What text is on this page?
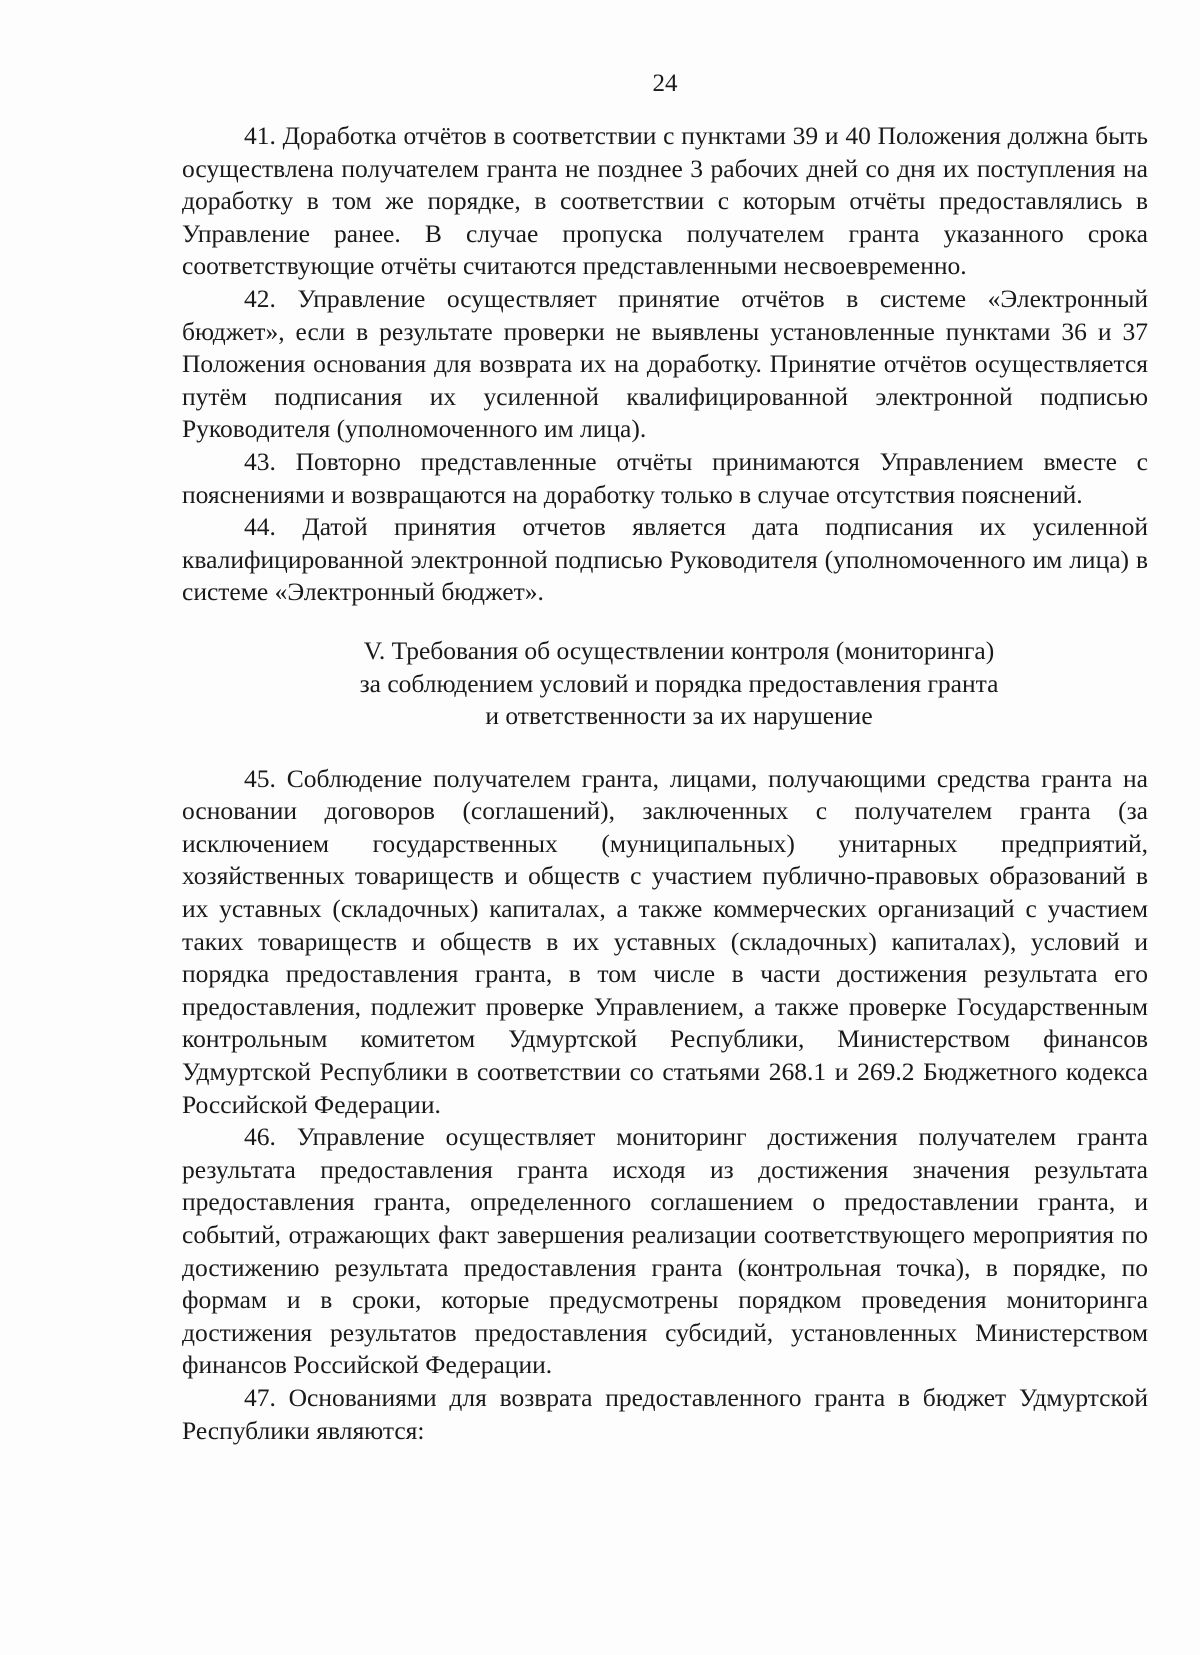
24

41. Доработка отчётов в соответствии с пунктами 39 и 40 Положения должна быть осуществлена получателем гранта не позднее 3 рабочих дней со дня их поступления на доработку в том же порядке, в соответствии с которым отчёты предоставлялись в Управление ранее. В случае пропуска получателем гранта указанного срока соответствующие отчёты считаются представленными несвоевременно.

42. Управление осуществляет принятие отчётов в системе «Электронный бюджет», если в результате проверки не выявлены установленные пунктами 36 и 37 Положения основания для возврата их на доработку. Принятие отчётов осуществляется путём подписания их усиленной квалифицированной электронной подписью Руководителя (уполномоченного им лица).

43. Повторно представленные отчёты принимаются Управлением вместе с пояснениями и возвращаются на доработку только в случае отсутствия пояснений.

44. Датой принятия отчетов является дата подписания их усиленной квалифицированной электронной подписью Руководителя (уполномоченного им лица) в системе «Электронный бюджет».

V. Требования об осуществлении контроля (мониторинга)
за соблюдением условий и порядка предоставления гранта
и ответственности за их нарушение

45. Соблюдение получателем гранта, лицами, получающими средства гранта на основании договоров (соглашений), заключенных с получателем гранта (за исключением государственных (муниципальных) унитарных предприятий, хозяйственных товариществ и обществ с участием публично-правовых образований в их уставных (складочных) капиталах, а также коммерческих организаций с участием таких товариществ и обществ в их уставных (складочных) капиталах), условий и порядка предоставления гранта, в том числе в части достижения результата его предоставления, подлежит проверке Управлением, а также проверке Государственным контрольным комитетом Удмуртской Республики, Министерством финансов Удмуртской Республики в соответствии со статьями 268.1 и 269.2 Бюджетного кодекса Российской Федерации.

46. Управление осуществляет мониторинг достижения получателем гранта результата предоставления гранта исходя из достижения значения результата предоставления гранта, определенного соглашением о предоставлении гранта, и событий, отражающих факт завершения реализации соответствующего мероприятия по достижению результата предоставления гранта (контрольная точка), в порядке, по формам и в сроки, которые предусмотрены порядком проведения мониторинга достижения результатов предоставления субсидий, установленных Министерством финансов Российской Федерации.

47. Основаниями для возврата предоставленного гранта в бюджет Удмуртской Республики являются:
